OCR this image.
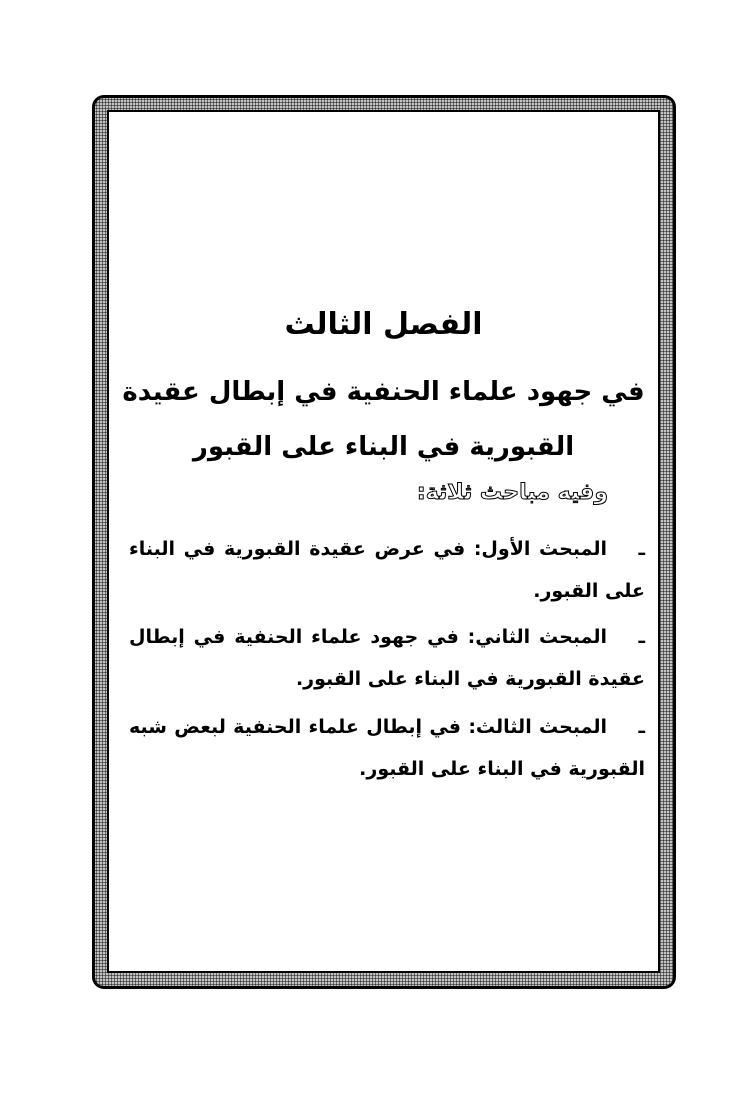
الفصل الثالث
في جهود علماء الحنفية في إبطال عقيدة القبورية في البناء على القبور

وفيه مباحث ثلاثة:

ـالمبحث الأول: في عرض عقيدة القبورية في البناء على القبور.

ـالمبحث الثاني: في جهود علماء الحنفية في إبطال عقيدة القبورية في البناء على القبور.

ـالمبحث الثالث: في إبطال علماء الحنفية لبعض شبه القبورية في البناء على القبور.
